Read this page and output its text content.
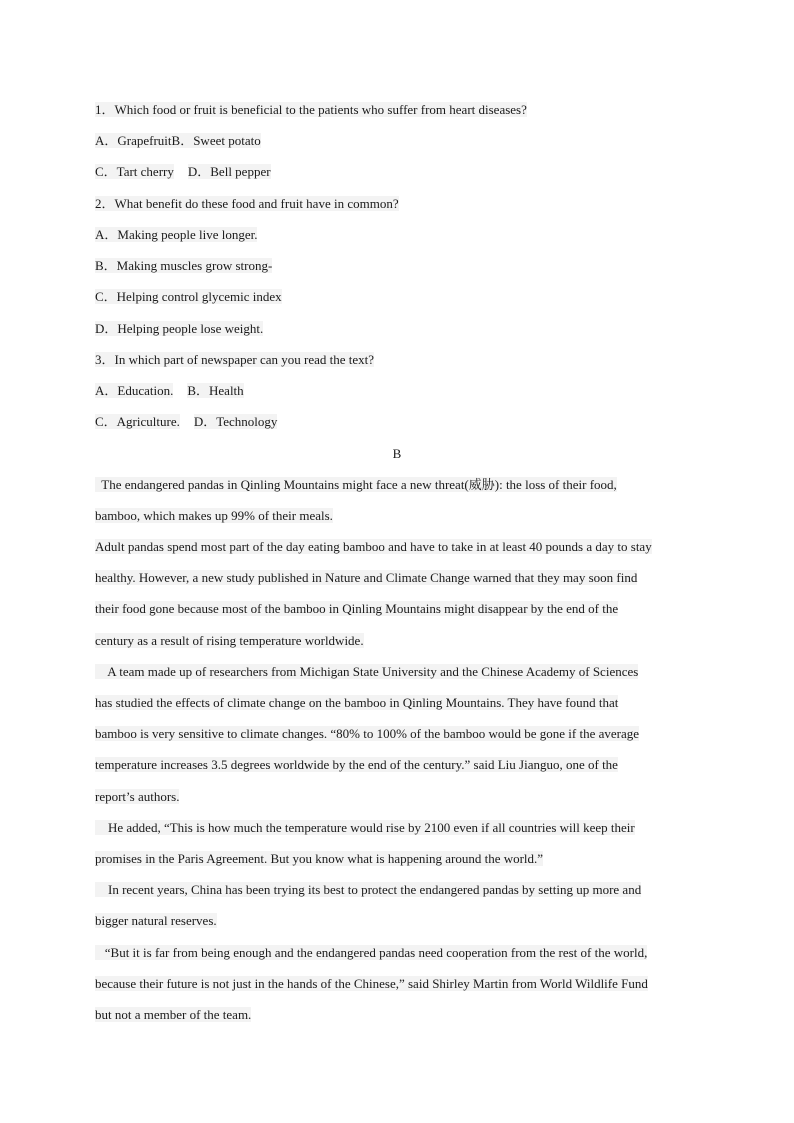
1．Which food or fruit is beneficial to the patients who suffer from heart diseases?
A．GrapefruitB．Sweet potato
C．Tart cherry D．Bell pepper
2．What benefit do these food and fruit have in common?
A．Making people live longer.
B．Making muscles grow strong-
C．Helping control glycemic index
D．Helping people lose weight.
3．In which part of newspaper can you read the text?
A．Education. B．Health
C．Agriculture. D．Technology
B
The endangered pandas in Qinling Mountains might face a new threat(威胁): the loss of their food,
bamboo, which makes up 99% of their meals.
Adult pandas spend most part of the day eating bamboo and have to take in at least 40 pounds a day to stay
healthy. However, a new study published in Nature and Climate Change warned that they may soon find
their food gone because most of the bamboo in Qinling Mountains might disappear by the end of the
century as a result of rising temperature worldwide.
A team made up of researchers from Michigan State University and the Chinese Academy of Sciences
has studied the effects of climate change on the bamboo in Qinling Mountains. They have found that
bamboo is very sensitive to climate changes. “80% to 100% of the bamboo would be gone if the average
temperature increases 3.5 degrees worldwide by the end of the century.” said Liu Jianguo, one of the
report’s authors.
He added, “This is how much the temperature would rise by 2100 even if all countries will keep their
promises in the Paris Agreement. But you know what is happening around the world.”
In recent years, China has been trying its best to protect the endangered pandas by setting up more and
bigger natural reserves.
“But it is far from being enough and the endangered pandas need cooperation from the rest of the world,
because their future is not just in the hands of the Chinese,” said Shirley Martin from World Wildlife Fund
but not a member of the team.
